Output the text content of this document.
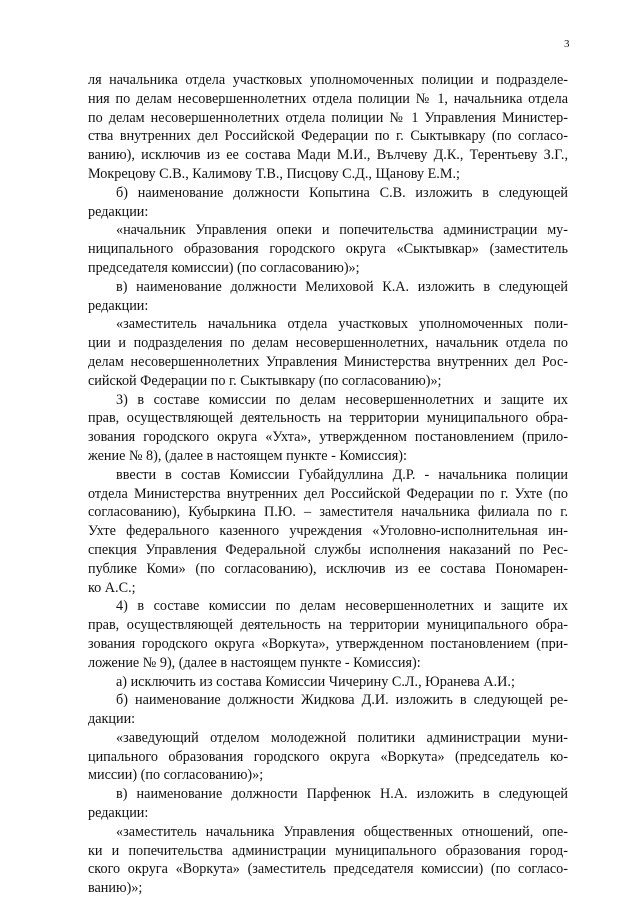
3
ля начальника отдела участковых уполномоченных полиции и подразделе-
ния по делам несовершеннолетних отдела полиции № 1, начальника отдела
по делам несовершеннолетних отдела полиции № 1 Управления Министер-
ства внутренних дел Российской Федерации по г. Сыктывкару (по согласо-
ванию), исключив из ее состава Мади М.И., Вълчеву Д.К., Терентьеву З.Г.,
Мокрецову С.В., Калимову Т.В., Писцову С.Д., Щанову Е.М.;
б) наименование должности Копытина С.В. изложить в следующей
редакции:
«начальник Управления опеки и попечительства администрации му-
ниципального образования городского округа «Сыктывкар» (заместитель
председателя комиссии) (по согласованию)»;
в) наименование должности Мелиховой К.А. изложить в следующей
редакции:
«заместитель начальника отдела участковых уполномоченных поли-
ции и подразделения по делам несовершеннолетних, начальник отдела по
делам несовершеннолетних Управления Министерства внутренних дел Рос-
сийской Федерации по г. Сыктывкару (по согласованию)»;
3) в составе комиссии по делам несовершеннолетних и защите их
прав, осуществляющей деятельность на территории муниципального обра-
зования городского округа «Ухта», утвержденном постановлением (прило-
жение № 8), (далее в настоящем пункте - Комиссия):
ввести в состав Комиссии Губайдуллина Д.Р. - начальника полиции
отдела Министерства внутренних дел Российской Федерации по г. Ухте (по
согласованию), Кубыркина П.Ю. – заместителя начальника филиала по г.
Ухте федерального казенного учреждения «Уголовно-исполнительная ин-
спекция Управления Федеральной службы исполнения наказаний по Рес-
публике Коми» (по согласованию), исключив из ее состава Пономарен-
ко А.С.;
4) в составе комиссии по делам несовершеннолетних и защите их
прав, осуществляющей деятельность на территории муниципального обра-
зования городского округа «Воркута», утвержденном постановлением (при-
ложение № 9), (далее в настоящем пункте - Комиссия):
а) исключить из состава Комиссии Чичерину С.Л., Юранева А.И.;
б) наименование должности Жидкова Д.И. изложить в следующей ре-
дакции:
«заведующий отделом молодежной политики администрации муни-
ципального образования городского округа «Воркута» (председатель ко-
миссии) (по согласованию)»;
в) наименование должности Парфенюк Н.А. изложить в следующей
редакции:
«заместитель начальника Управления общественных отношений, опе-
ки и попечительства администрации муниципального образования город-
ского округа «Воркута» (заместитель председателя комиссии) (по согласо-
ванию)»;
